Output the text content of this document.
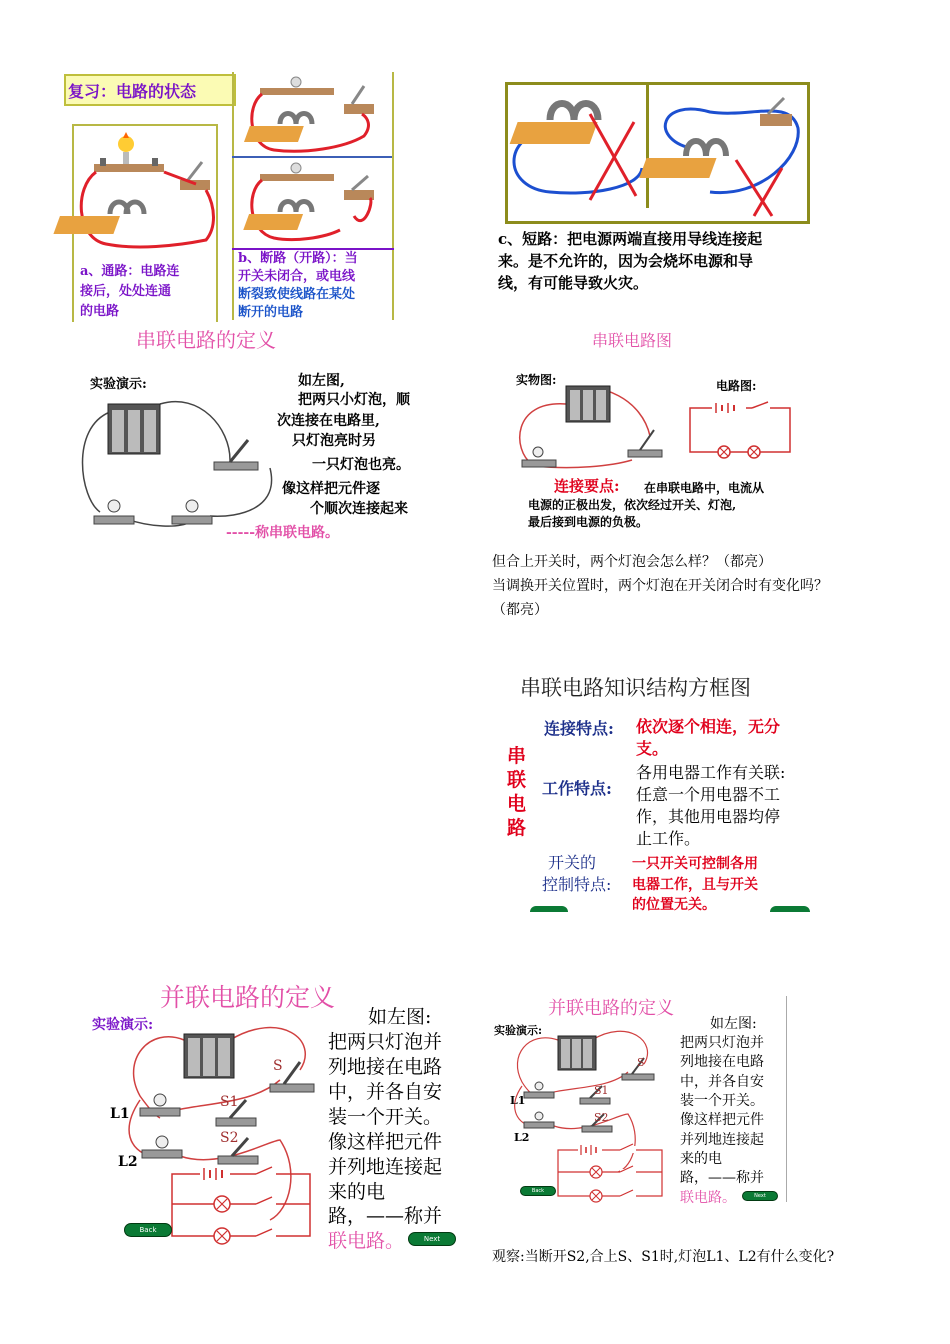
复习：电路的状态
a、通路：电路连
接后，处处连通
的电路
b、断路（开路）：当
开关未闭合，或电线
断裂致使线路在某处
断开的电路
c、短路：把电源两端直接用导线连接起
来。是不允许的，因为会烧坏电源和导
线，有可能导致火灾。
串联电路的定义
实验演示:	如左图,
把两只小灯泡，顺
次连接在电路里,
只灯泡亮时另
一只灯泡也亮。
像这样把元件逐
个顺次连接起来
-----称串联电路。
串联电路图
实物图:	电路图:
连接要点: 在串联电路中，电流从
电源的正极出发，依次经过开关、灯泡,
最后接到电源的负极。
但合上开关时，两个灯泡会怎么样？（都亮）
当调换开关位置时，两个灯泡在开关闭合时有变化吗？
（都亮）
串联电路知识结构方框图
串
联
电
路
连接特点: 依次逐个相连，无分
支。
工作特点:
各用电器工作有关联:
任意一个用电器不工
作，其他用电器均停
止工作。
开关的
控制特点:
一只开关可控制各用
电器工作，且与开关
的位置无关。
并联电路的定义
实验演示:
S
S1
S2
L1
L2
Back
如左图:
把两只灯泡并
列地接在电路
中，并各自安
装一个开关。
像这样把元件
并列地连接起
来的电
路，——称并
联电路。	Next
并联电路的定义
实验演示:
S
S1
S2
L1
L2
Back
如左图:
把两只灯泡并
列地接在电路
中，并各自安
装一个开关。
像这样把元件
并列地连接起
来的电
路，——称并
联电路。	Next
观察:当断开S2,合上S、S1时,灯泡L1、L2有什么变化?
